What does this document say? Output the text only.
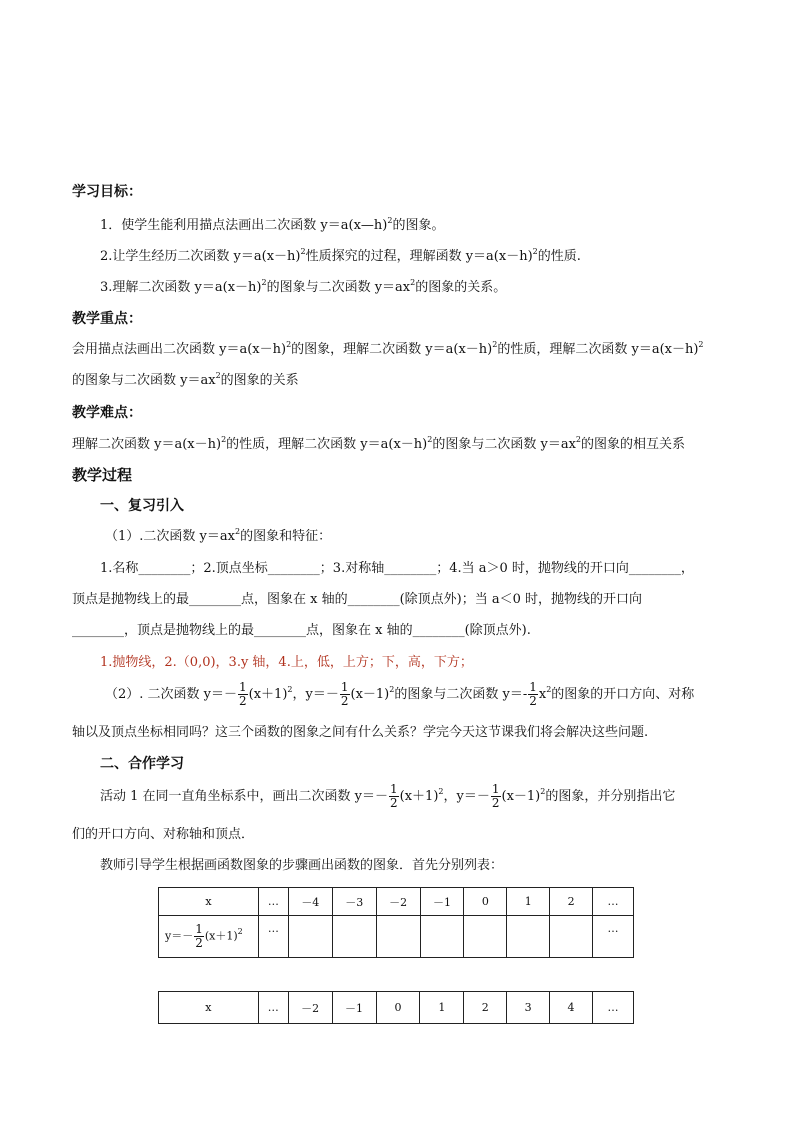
学习目标：
1．使学生能利用描点法画出二次函数 y＝a(x—h)$^2$的图象。
2.让学生经历二次函数 $y=a(x-h)^2$性质探究的过程，理解函数 $y=a(x-h)^2$的性质.
3.理解二次函数 $y=a(x-h)^2$的图象与二次函数 $y=ax^2$的图象的关系。
教学重点：
会用描点法画出二次函数 $y=a(x-h)^2$的图象，理解二次函数 $y=a(x-h)^2$的性质，理解二次函数 $y=a(x-h)^2$
的图象与二次函数 $y=ax^2$的图象的关系
教学难点：
理解二次函数 $y=a(x-h)^2$的性质，理解二次函数 $y=a(x-h)^2$的图象与二次函数 $y=ax^2$的图象的相互关系
教学过程
一、复习引入
（1）.二次函数 $y=ax^2$的图象和特征：
1.名称________；2.顶点坐标________；3.对称轴________；4.当 a＞0 时，抛物线的开口向________，
顶点是抛物线上的最________点，图象在 x 轴的________(除顶点外)；当 a＜0 时，抛物线的开口向
________，顶点是抛物线上的最________点，图象在 x 轴的________(除顶点外).
1.抛物线，2.（0,0)，3.y 轴，4.上，低，上方；下，高，下方；
（2）. 二次函数 $y=- \frac{1}{2} (x+1)^2$，$y=- \frac{1}{2} (x-1)^2$的图象与二次函数 $y=- \frac{1}{2} x^2$的图象的开口方向、对称
轴以及顶点坐标相同吗？这三个函数的图象之间有什么关系？学完今天这节课我们将会解决这些问题.
二、合作学习
活动 1 在同一直角坐标系中，画出二次函数 $y=- \frac{1}{2} (x+1)^2$，$y=- \frac{1}{2} (x-1)^2$的图象，并分别指出它
们的开口方向、对称轴和顶点．
教师引导学生根据画函数图象的步骤画出函数的图象．首先分别列表：
x	…	－4	－3	－2	－1	0	1	2	…
$y=- \frac{1}{2} (x+1)^2$	…								…
x	…	－2	－1	0	1	2	3	4	…
